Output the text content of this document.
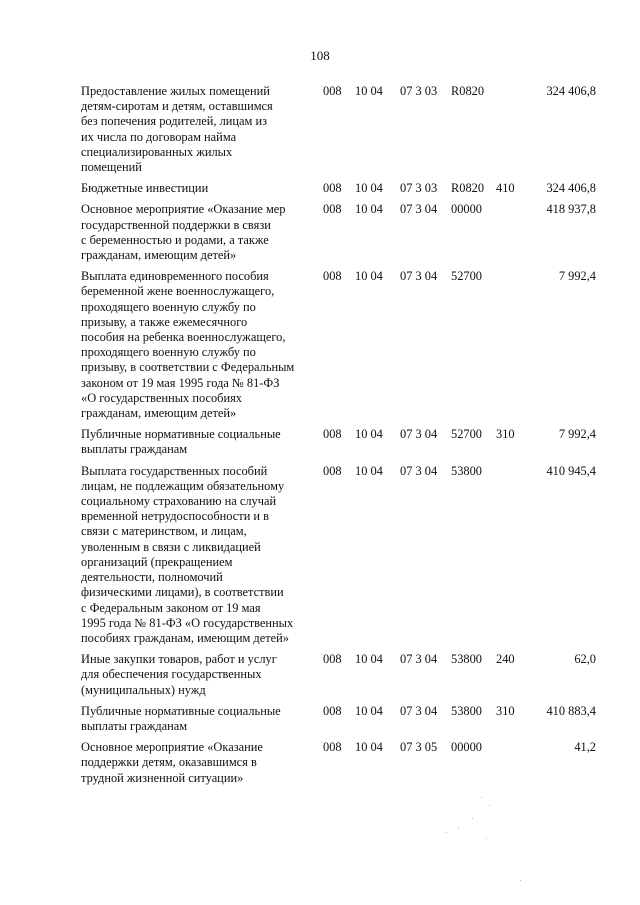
108
Предоставление жилых помещений
детям-сиротам и детям, оставшимся
без попечения родителей, лицам из
их числа по договорам найма
специализированных жилых
помещений
008 10 04 07 3 03 R0820	324 406,8
Бюджетные инвестиции	008 10 04 07 3 03 R0820 410	324 406,8
Основное мероприятие «Оказание мер
государственной поддержки в связи
с беременностью и родами, а также
гражданам, имеющим детей»
008 10 04 07 3 04 00000	418 937,8
Выплата единовременного пособия
беременной жене военнослужащего,
проходящего военную службу по
призыву, а также ежемесячного
пособия на ребенка военнослужащего,
проходящего военную службу по
призыву, в соответствии с Федеральным
законом от 19 мая 1995 года № 81-ФЗ
«О государственных пособиях
гражданам, имеющим детей»
008 10 04 07 3 04 52700	7 992,4
Публичные нормативные социальные
выплаты гражданам
008 10 04 07 3 04 52700 310	7 992,4
Выплата государственных пособий
лицам, не подлежащим обязательному
социальному страхованию на случай
временной нетрудоспособности и в
связи с материнством, и лицам,
уволенным в связи с ликвидацией
организаций (прекращением
деятельности, полномочий
физическими лицами), в соответствии
с Федеральным законом от 19 мая
1995 года № 81-ФЗ «О государственных
пособиях гражданам, имеющим детей»
008 10 04 07 3 04 53800	410 945,4
Иные закупки товаров, работ и услуг
для обеспечения государственных
(муниципальных) нужд
008 10 04 07 3 04 53800 240	62,0
Публичные нормативные социальные
выплаты гражданам
008 10 04 07 3 04 53800 310	410 883,4
Основное мероприятие «Оказание
поддержки детям, оказавшимся в
трудной жизненной ситуации»
008 10 04 07 3 05 00000	41,2
